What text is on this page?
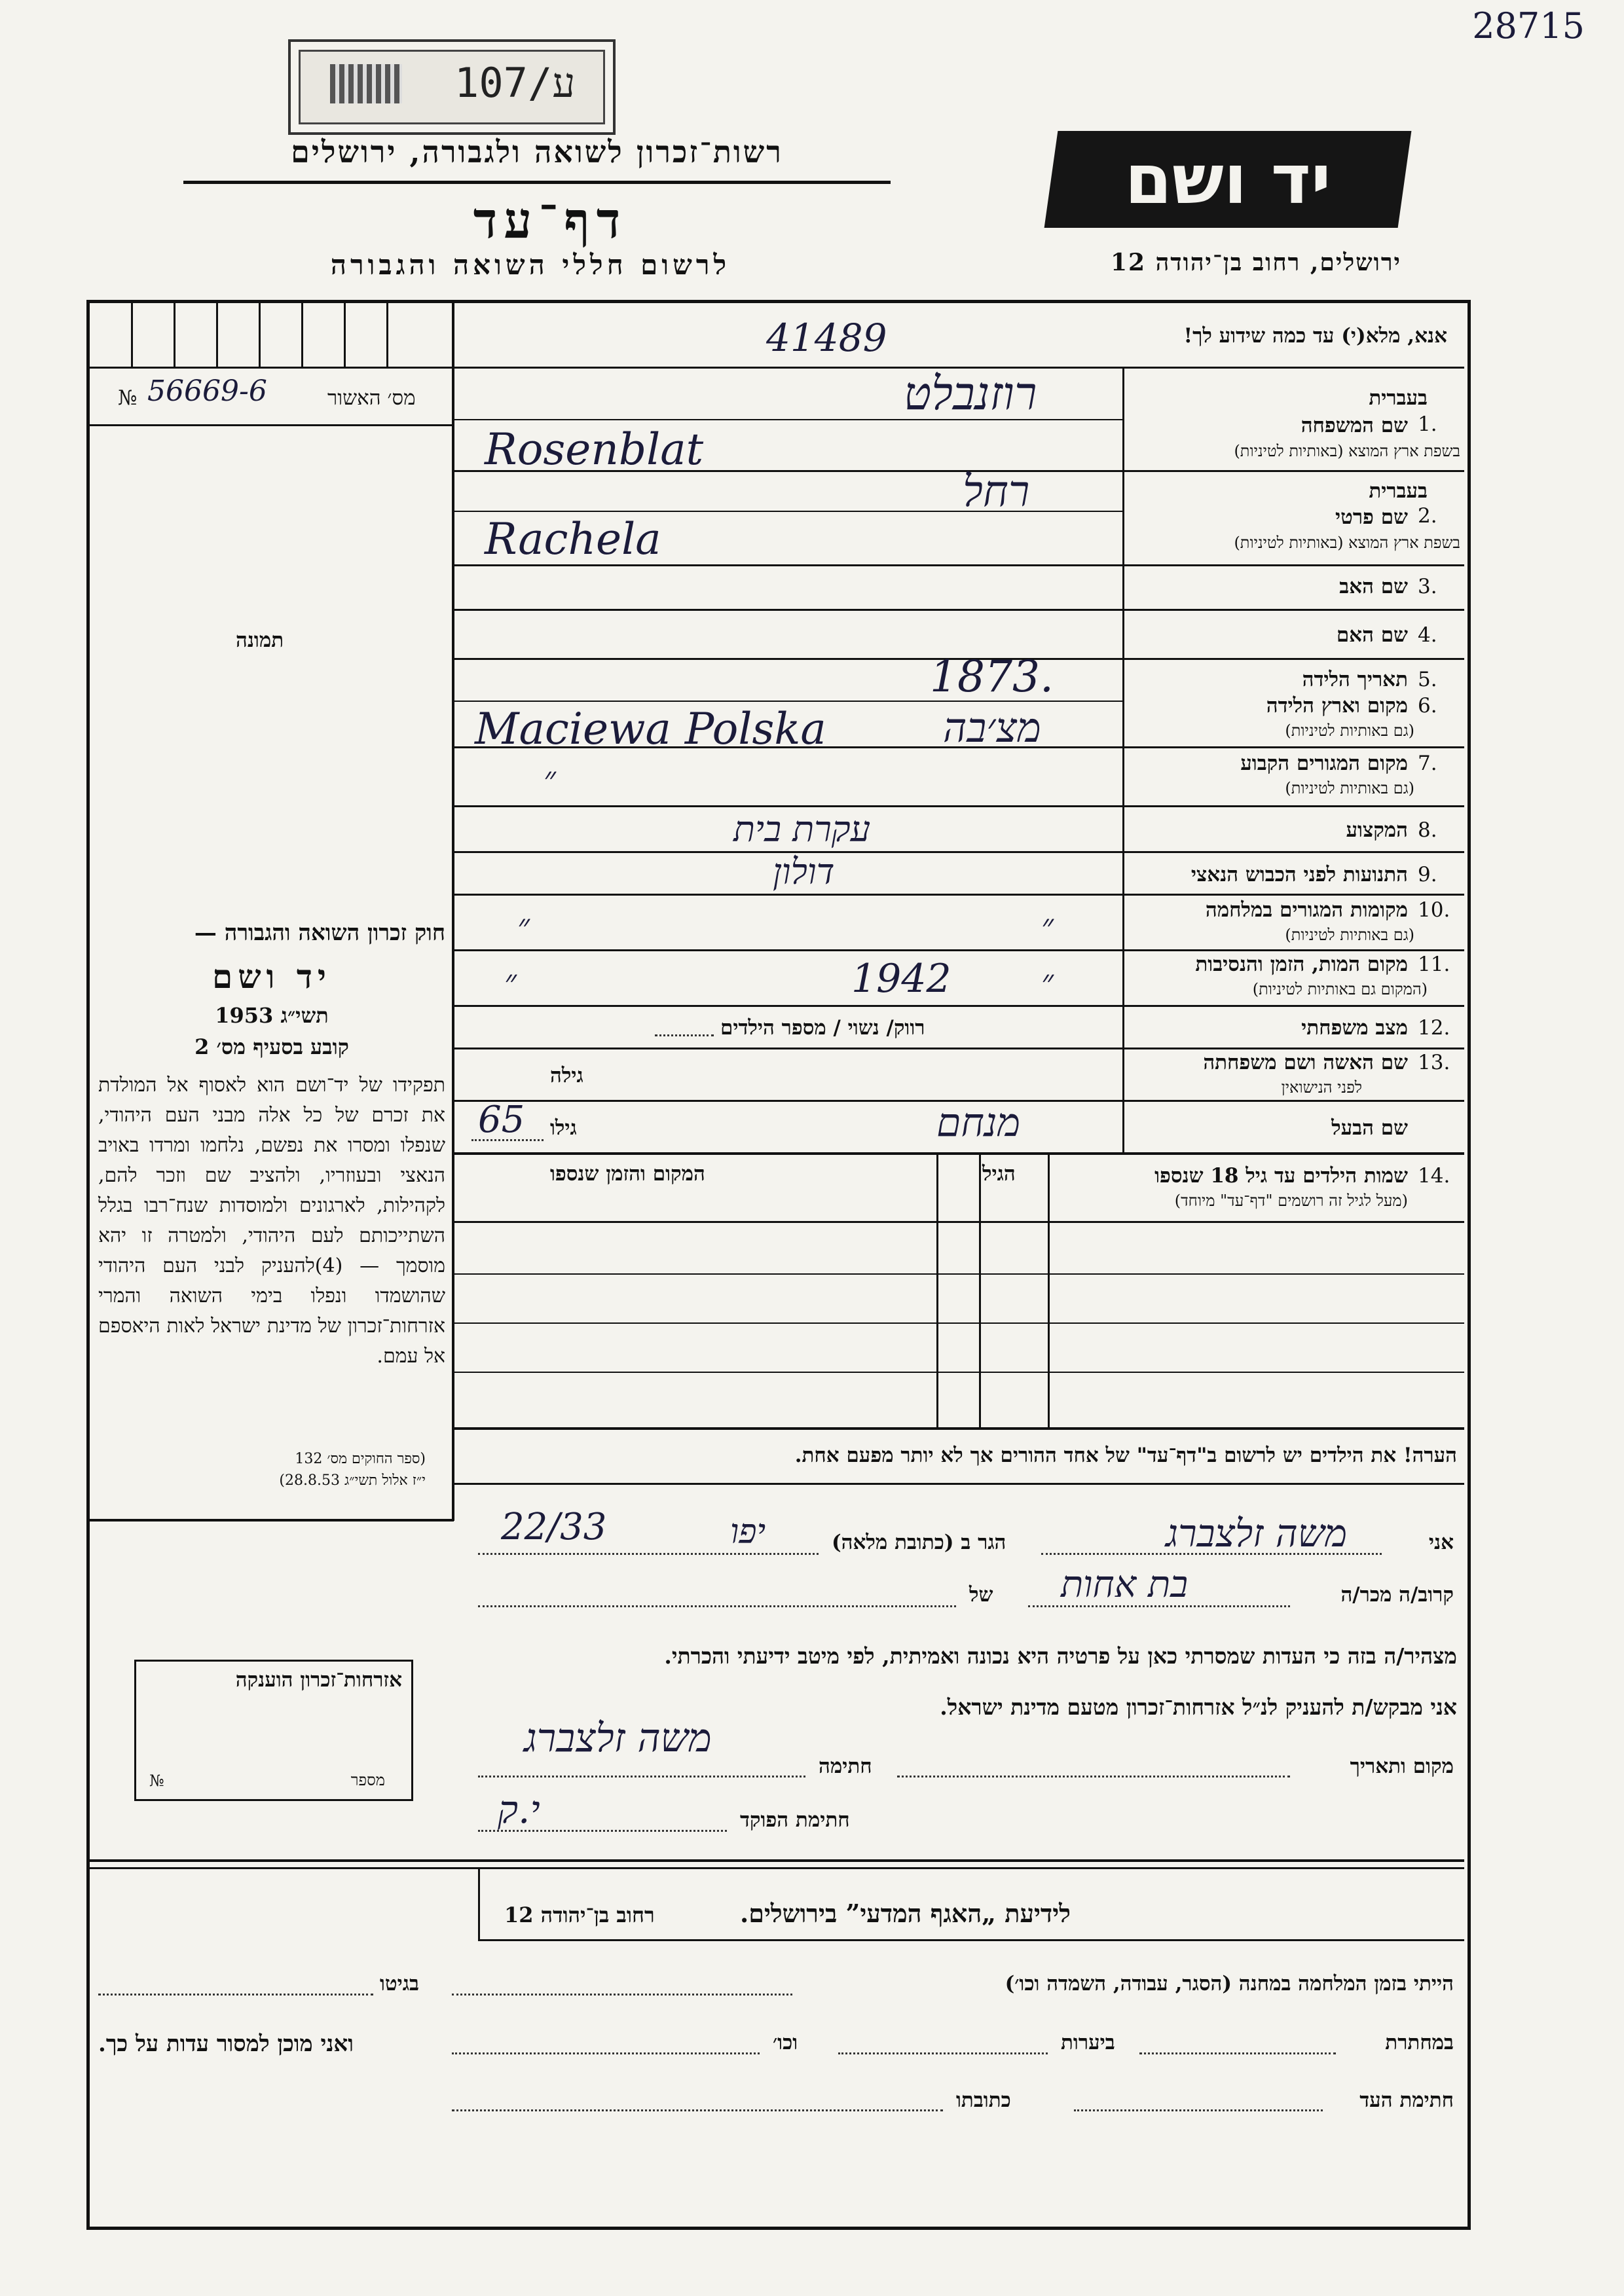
28715
107/ע
רשות־זכרון לשואה ולגבורה, ירושלים
דף־עד
לרשום חללי השואה והגבורה
יד ושם
ירושלים, רחוב בן־יהודה 12
מס׳ האשור
№ 56669-6
תמונה
חוק זכרון השואה והגבורה —
יד ושם
תשי״ג 1953
קובע בסעיף מס׳ 2
תפקידו של יד־ושם הוא לאסוף אל המולדת את זכרם של כל אלה מבני העם היהודי, שנפלו ומסרו את נפשם, נלחמו ומרדו באויב הנאצי ובעוזריו, ולהציב שם וזכר להם, לקהילות, לארגונים ולמוסדות שנח־רבו בגלל השתייכותם לעם היהודי, ולמטרה זו יהא מוסמך — (4)להעניק לבני העם היהודי שהושמדו ונפלו בימי השואה והמרי אזרחות־זכרון של מדינת ישראל לאות היאספם אל עמם.
(ספר החוקים מס׳ 132
י״ז אלול תשי״ג 28.8.53)
אזרחות־זכרון הוענקה
מספר
№
אנא, מלא(י) עד כמה שידוע לך!
41489
1.
בעברית
שם המשפחה
בשפת ארץ המוצא (באותיות לטיניות)
רוזנבלט
Rosenblat
2.
בעברית
שם פרטי
בשפת ארץ המוצא (באותיות לטיניות)
רחל
Rachela
3.
שם האב
4.
שם האם
5.
תאריך הלידה
1873.
6.
מקום וארץ הלידה
(גם באותיות לטיניות)
Maciewa Polska	מצ׳בה
7.
מקום המגורים הקבוע
(גם באותיות לטיניות)
״
8.
המקצוע
עקרת בית
9.
התנועות לפני הכבוש הנאצי
דולון
10.
מקומות המגורים במלחמה
(גם באותיות לטיניות)
״	״
11.
מקום המות, הזמן והנסיבות
(המקום גם באותיות לטיניות)
״	1942	״
12.
מצב משפחתי
רווק/ נשוי / מספר הילדים
13.
שם האשה ושם משפחתה
לפני הנישואין
גילה
שם הבעל
גילו
65	מנחם
14.
שמות הילדים עד גיל 18 שנספו
(מעל לגיל זה רושמים "דף־עד" מיוחד)
הגיל
המקום והזמן שנספו
הערה! את הילדים יש לרשום ב"דף־עד" של אחד ההורים אך לא יותר מפעם אחת.
אני
משה זלצברג
הגר ב (כתובת מלאה)
22/33	יפו
קרוב/ה מכר/ה
בת אחות
של
מצהיר/ה בזה כי העדות שמסרתי כאן על פרטיה היא נכונה ואמיתית, לפי מיטב ידיעתי והכרתי.
אני מבקש/ת להעניק לנ״ל אזרחות־זכרון מטעם מדינת ישראל.
מקום ותאריך
חתימה
משה זלצברג
חתימת הפוקד
י.ק
לידיעת „האגף המדעי” בירושלים.
רחוב בן־יהודה 12
הייתי בזמן המלחמה במחנה (הסגר, עבודה, השמדה וכו׳)
בגיטו
במחתרת
ביערות
וכו׳
ואני מוכן למסור עדות על כך.
חתימת העד
כתובתו
